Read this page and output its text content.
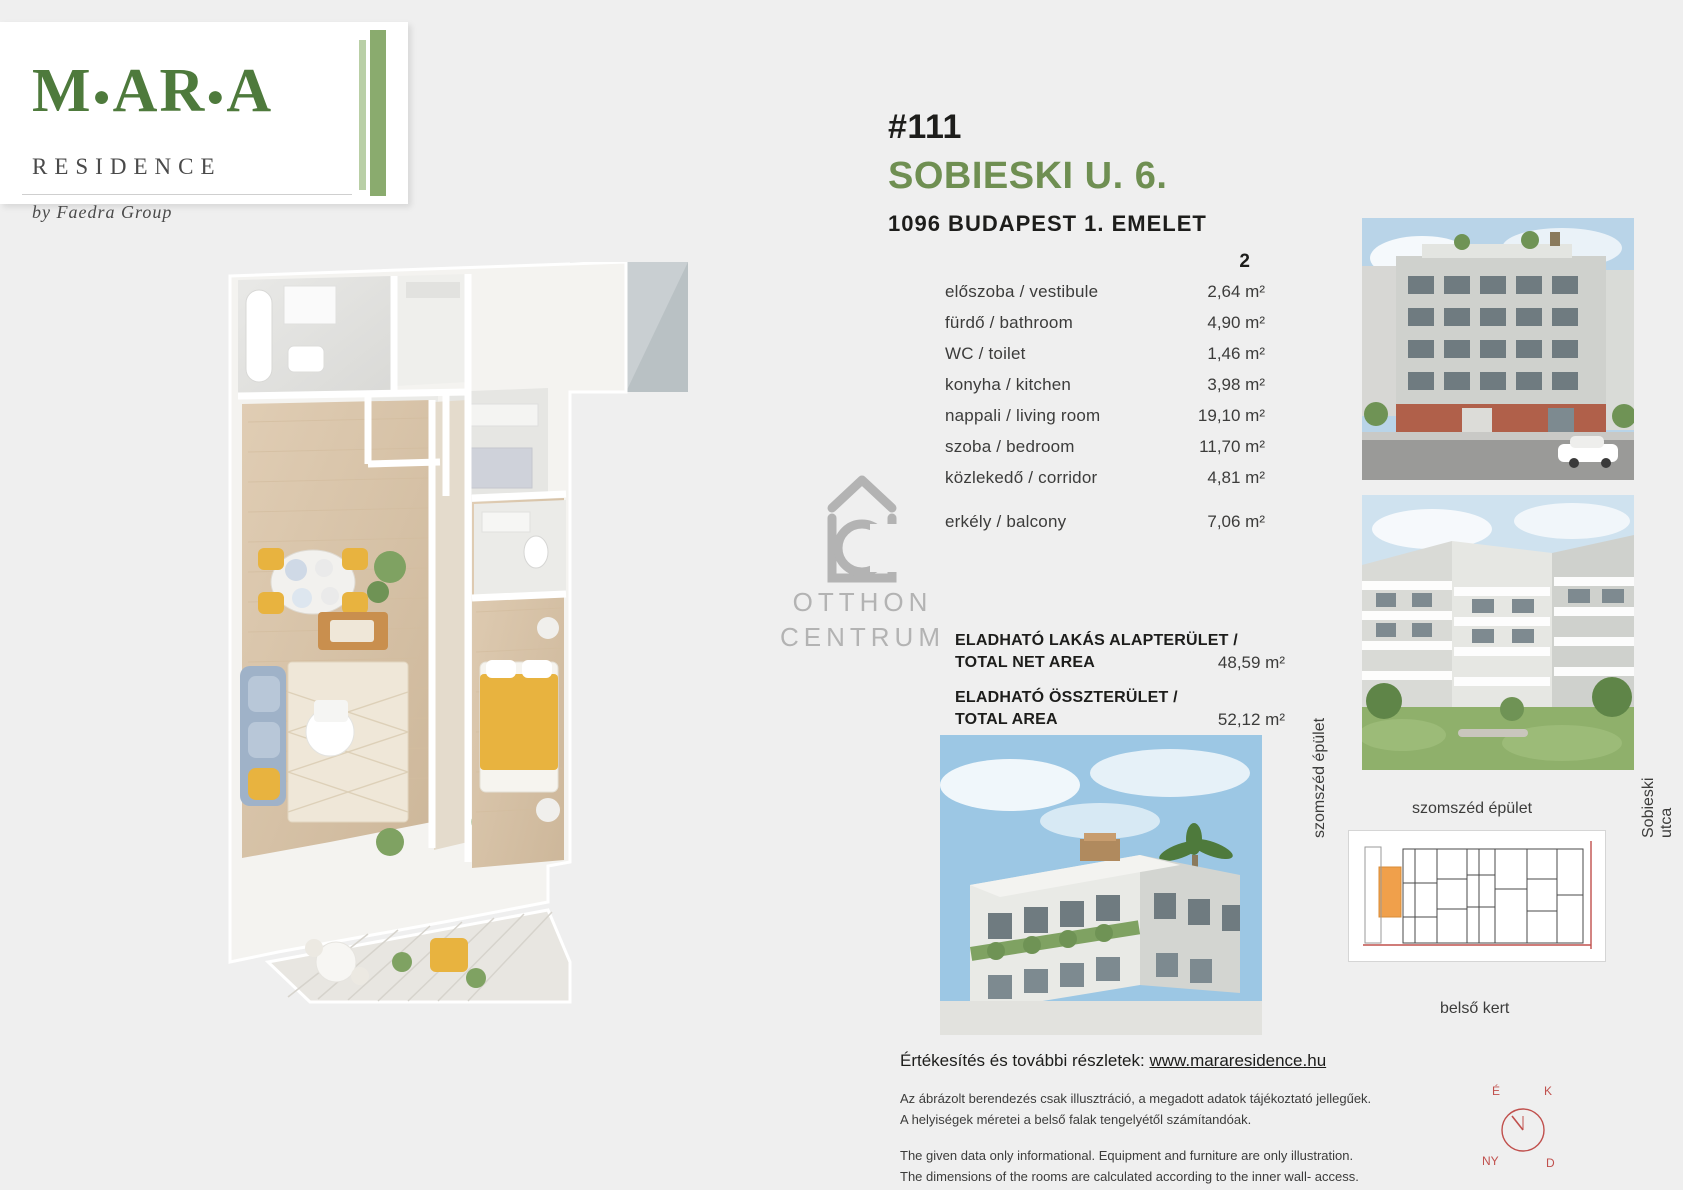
M●AR●A
RESIDENCE
by Faedra Group
#111
SOBIESKI U. 6.
1096 BUDAPEST 1. EMELET
2
előszoba / vestibule	2,64 m²
fürdő / bathroom	4,90 m²
WC / toilet	1,46 m²
konyha / kitchen	3,98 m²
nappali / living room	19,10 m²
szoba / bedroom	11,70 m²
közlekedő / corridor	4,81 m²
erkély / balcony	7,06 m²
ELADHATÓ LAKÁS ALAPTERÜLET /
TOTAL NET AREA	48,59 m²
ELADHATÓ ÖSSZTERÜLET /
TOTAL AREA	52,12 m²
OTTHON
CENTRUM
szomszéd épület
belső kert
szomszéd épület	Sobieski utca
Értékesítés és további részletek: www.mararesidence.hu
Az ábrázolt berendezés csak illusztráció, a megadott adatok tájékoztató jellegűek.
A helyiségek méretei a belső falak tengelyétől számítandóak.
The given data only informational. Equipment and furniture are only illustration.
The dimensions of the rooms are calculated according to the inner wall- access.
É	K
NY	D
